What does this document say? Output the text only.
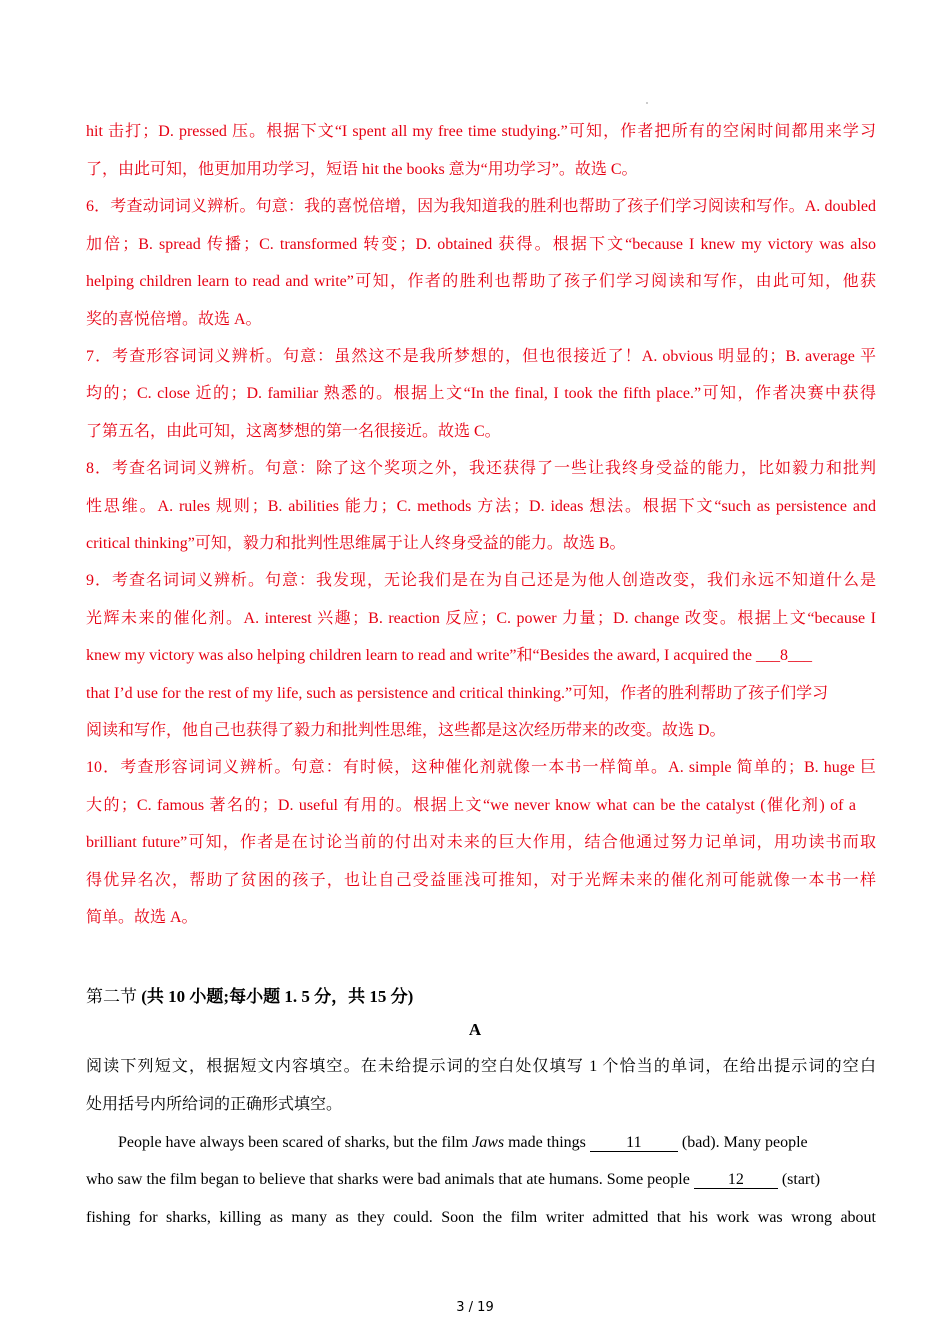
hit 击打；D. pressed 压。根据下文“I spent all my free time studying.”可知，作者把所有的空闲时间都用来学习
了，由此可知，他更加用功学习，短语 hit the books 意为“用功学习”。故选 C。
6．考查动词词义辨析。句意：我的喜悦倍增，因为我知道我的胜利也帮助了孩子们学习阅读和写作。A. doubled
加倍；B. spread 传播；C. transformed 转变；D. obtained 获得。根据下文“because I knew my victory was also
helping children learn to read and write”可知，作者的胜利也帮助了孩子们学习阅读和写作，由此可知，他获
奖的喜悦倍增。故选 A。
7．考查形容词词义辨析。句意：虽然这不是我所梦想的，但也很接近了！A. obvious 明显的；B. average 平
均的；C. close 近的；D. familiar 熟悉的。根据上文“In the final, I took the fifth place.”可知，作者决赛中获得
了第五名，由此可知，这离梦想的第一名很接近。故选 C。
8．考查名词词义辨析。句意：除了这个奖项之外，我还获得了一些让我终身受益的能力，比如毅力和批判
性思维。A. rules 规则；B. abilities 能力；C. methods 方法；D. ideas 想法。根据下文“such as persistence and
critical thinking”可知，毅力和批判性思维属于让人终身受益的能力。故选 B。
9．考查名词词义辨析。句意：我发现，无论我们是在为自己还是为他人创造改变，我们永远不知道什么是
光辉未来的催化剂。A. interest 兴趣；B. reaction 反应；C. power 力量；D. change 改变。根据上文“because I
knew my victory was also helping children learn to read and write”和“Besides the award, I acquired the ___8___
that I’d use for the rest of my life, such as persistence and critical thinking.”可知，作者的胜利帮助了孩子们学习
阅读和写作，他自己也获得了毅力和批判性思维，这些都是这次经历带来的改变。故选 D。
10．考查形容词词义辨析。句意：有时候，这种催化剂就像一本书一样简单。A. simple 简单的；B. huge 巨
大的；C. famous 著名的；D. useful 有用的。根据上文“we never know what can be the catalyst (催化剂) of a
brilliant future”可知，作者是在讨论当前的付出对未来的巨大作用，结合他通过努力记单词，用功读书而取
得优异名次，帮助了贫困的孩子，也让自己受益匪浅可推知，对于光辉未来的催化剂可能就像一本书一样
简单。故选 A。
第二节 (共 10 小题;每小题 1. 5 分，共 15 分)
A
阅读下列短文，根据短文内容填空。在未给提示词的空白处仅填写 1 个恰当的单词，在给出提示词的空白
处用括号内所给词的正确形式填空。
People have always been scared of sharks, but the film Jaws made things 11	(bad). Many people
who saw the film began to believe that sharks were bad animals that ate humans. Some people 12 (start)
fishing for sharks, killing as many as they could. Soon the film writer admitted that his work was wrong about
3 / 19
